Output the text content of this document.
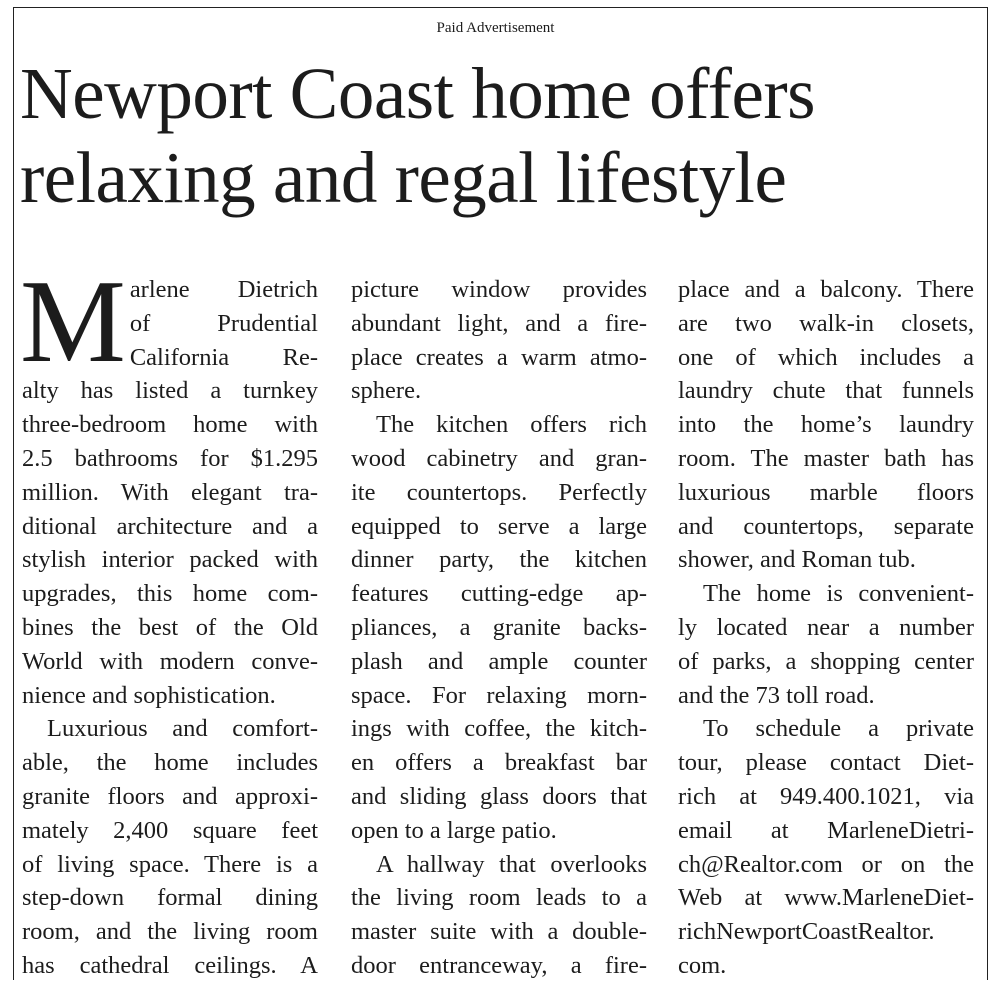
Paid Advertisement
Newport Coast home offers
relaxing and regal lifestyle
M arlene Dietrich
of Prudential
California Re-
alty has listed a turnkey
three-bedroom home with
2.5 bathrooms for $1.295
million. With elegant tra-
ditional architecture and a
stylish interior packed with
upgrades, this home com-
bines the best of the Old
World with modern conve-
nience and sophistication.
Luxurious and comfort-
able, the home includes
granite floors and approxi-
mately 2,400 square feet
of living space. There is a
step-down formal dining
room, and the living room
has cathedral ceilings. A
picture window provides
abundant light, and a fire-
place creates a warm atmo-
sphere.
The kitchen offers rich
wood cabinetry and gran-
ite countertops. Perfectly
equipped to serve a large
dinner party, the kitchen
features cutting-edge ap-
pliances, a granite backs-
plash and ample counter
space. For relaxing morn-
ings with coffee, the kitch-
en offers a breakfast bar
and sliding glass doors that
open to a large patio.
A hallway that overlooks
the living room leads to a
master suite with a double-
door entranceway, a fire-
place and a balcony. There
are two walk-in closets,
one of which includes a
laundry chute that funnels
into the home’s laundry
room. The master bath has
luxurious marble floors
and countertops, separate
shower, and Roman tub.
The home is convenient-
ly located near a number
of parks, a shopping center
and the 73 toll road.
To schedule a private
tour, please contact Diet-
rich at 949.400.1021, via
email at MarleneDietri-
ch@Realtor.com or on the
Web at www.MarleneDiet-
richNewportCoastRealtor.
com.
